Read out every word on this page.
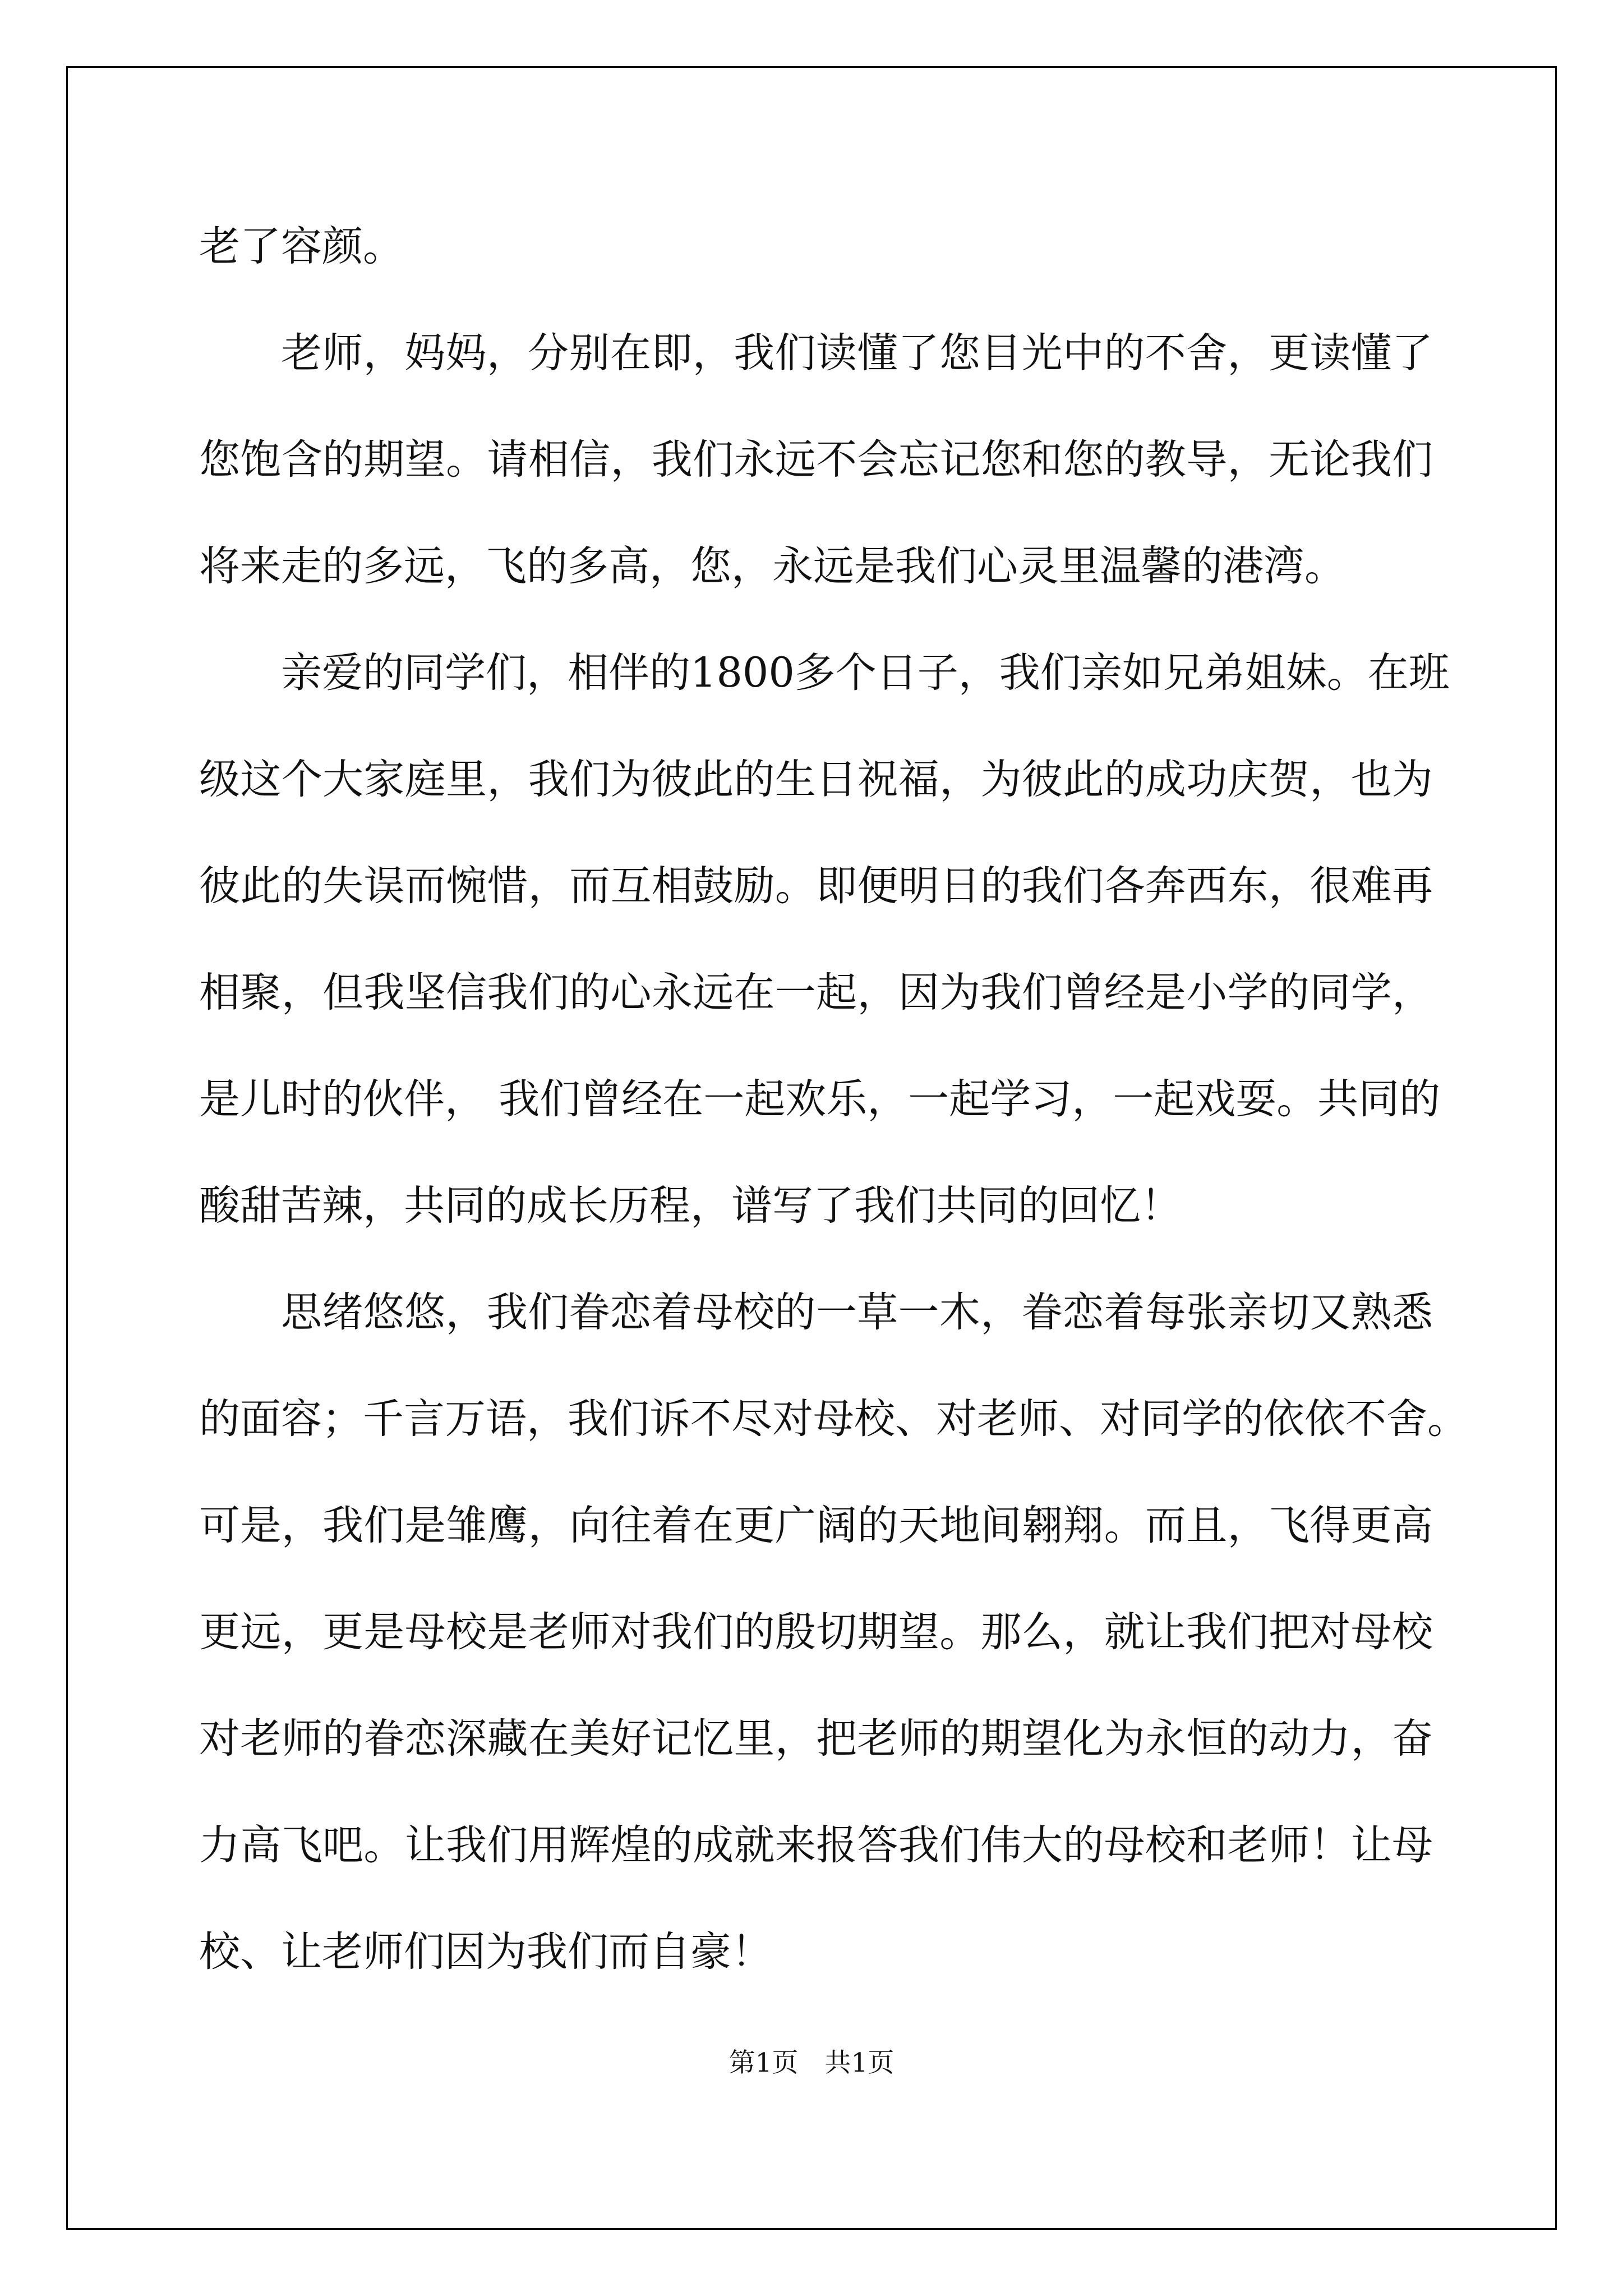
老了容颜。
老师，妈妈，分别在即，我们读懂了您目光中的不舍，更读懂了
您饱含的期望。请相信，我们永远不会忘记您和您的教导，无论我们
将来走的多远，飞的多高，您，永远是我们心灵里温馨的港湾。
亲爱的同学们，相伴的1800多个日子，我们亲如兄弟姐妹。在班
级这个大家庭里，我们为彼此的生日祝福，为彼此的成功庆贺，也为
彼此的失误而惋惜，而互相鼓励。即便明日的我们各奔西东，很难再
相聚，但我坚信我们的心永远在一起，因为我们曾经是小学的同学，
是儿时的伙伴， 我们曾经在一起欢乐，一起学习，一起戏耍。共同的
酸甜苦辣，共同的成长历程，谱写了我们共同的回忆！
思绪悠悠，我们眷恋着母校的一草一木，眷恋着每张亲切又熟悉
的面容；千言万语，我们诉不尽对母校、对老师、对同学的依依不舍。
可是，我们是雏鹰，向往着在更广阔的天地间翱翔。而且，飞得更高
更远，更是母校是老师对我们的殷切期望。那么，就让我们把对母校
对老师的眷恋深藏在美好记忆里，把老师的期望化为永恒的动力，奋
力高飞吧。让我们用辉煌的成就来报答我们伟大的母校和老师！让母
校、让老师们因为我们而自豪！
第1页　共1页
